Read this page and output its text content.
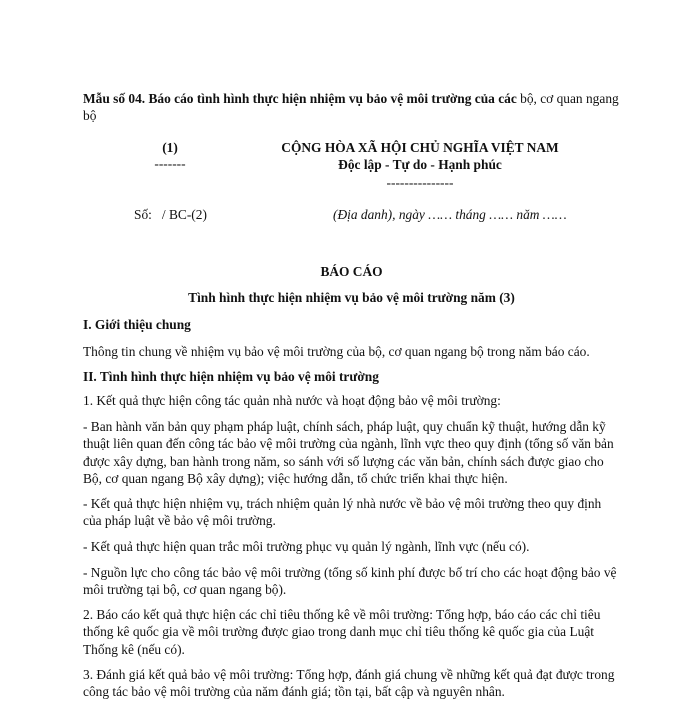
Mẫu số 04. Báo cáo tình hình thực hiện nhiệm vụ bảo vệ môi trường của các bộ, cơ quan ngang bộ
(1)
-------
CỘNG HÒA XÃ HỘI CHỦ NGHĨA VIỆT NAM
Độc lập - Tự do - Hạnh phúc
---------------
Số:   / BC-(2)	(Địa danh), ngày …… tháng …… năm ……
BÁO CÁO
Tình hình thực hiện nhiệm vụ bảo vệ môi trường năm (3)
I. Giới thiệu chung
Thông tin chung về nhiệm vụ bảo vệ môi trường của bộ, cơ quan ngang bộ trong năm báo cáo.
II. Tình hình thực hiện nhiệm vụ bảo vệ môi trường
1. Kết quả thực hiện công tác quản nhà nước và hoạt động bảo vệ môi trường:
- Ban hành văn bản quy phạm pháp luật, chính sách, pháp luật, quy chuẩn kỹ thuật, hướng dẫn kỹ thuật liên quan đến công tác bảo vệ môi trường của ngành, lĩnh vực theo quy định (tổng số văn bản được xây dựng, ban hành trong năm, so sánh với số lượng các văn bản, chính sách được giao cho Bộ, cơ quan ngang Bộ xây dựng); việc hướng dẫn, tổ chức triển khai thực hiện.
- Kết quả thực hiện nhiệm vụ, trách nhiệm quản lý nhà nước về bảo vệ môi trường theo quy định của pháp luật về bảo vệ môi trường.
- Kết quả thực hiện quan trắc môi trường phục vụ quản lý ngành, lĩnh vực (nếu có).
- Nguồn lực cho công tác bảo vệ môi trường (tổng số kinh phí được bố trí cho các hoạt động bảo vệ môi trường tại bộ, cơ quan ngang bộ).
2. Báo cáo kết quả thực hiện các chỉ tiêu thống kê về môi trường: Tổng hợp, báo cáo các chỉ tiêu thống kê quốc gia về môi trường được giao trong danh mục chỉ tiêu thống kê quốc gia của Luật Thống kê (nếu có).
3. Đánh giá kết quả bảo vệ môi trường: Tổng hợp, đánh giá chung về những kết quả đạt được trong công tác bảo vệ môi trường của năm đánh giá; tồn tại, bất cập và nguyên nhân.
